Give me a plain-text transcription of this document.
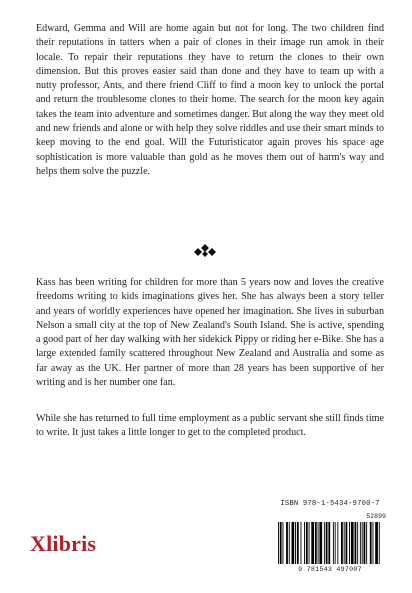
Edward, Gemma and Will are home again but not for long. The two children find their reputations in tatters when a pair of clones in their image run amok in their locale. To repair their reputations they have to return the clones to their own dimension. But this proves easier said than done and they have to team up with a nutty professor, Ants, and there friend Cliff to find a moon key to unlock the portal and return the troublesome clones to their home. The search for the moon key again takes the team into adventure and sometimes danger. But along the way they meet old and new friends and alone or with help they solve riddles and use their smart minds to keep moving to the end goal. Will the Futuristicator again proves his space age sophistication is more valuable than gold as he moves them out of harm's way and helps them solve the puzzle.

Kass has been writing for children for more than 5 years now and loves the creative freedoms writing to kids imaginations gives her. She has always been a story teller and years of worldly experiences have opened her imagination. She lives in suburban Nelson a small city at the top of New Zealand's South Island. She is active, spending a good part of her day walking with her sidekick Pippy or riding her e-Bike. She has a large extended family scattered throughout New Zealand and Australia and some as far away as the UK. Her partner of more than 28 years has been supportive of her writing and is her number one fan.

While she has returned to full time employment as a public servant she still finds time to write. It just takes a little longer to get to the completed product.

Xlibris
ISBN 978-1-5434-9700-7
52899
9 781543 497007
